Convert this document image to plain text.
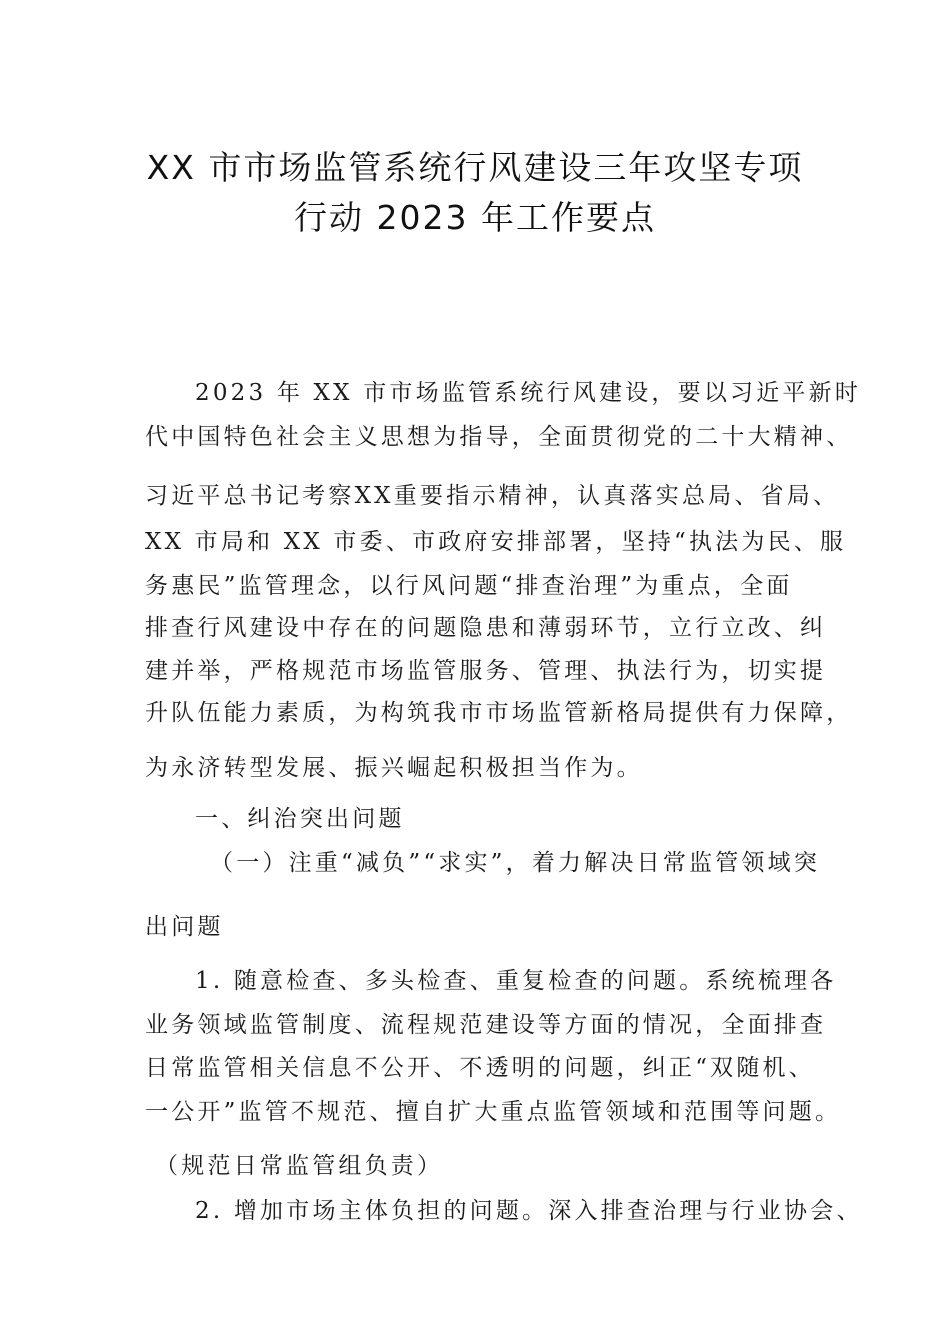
XX 市市场监管系统行风建设三年攻坚专项
行动 2023 年工作要点
2023 年 XX 市市场监管系统行风建设，要以习近平新时
代中国特色社会主义思想为指导，全面贯彻党的二十大精神、
习近平总书记考察XX重要指示精神，认真落实总局、省局、
XX 市局和 XX 市委、市政府安排部署，坚持“执法为民、服
务惠民”监管理念，以行风问题“排查治理”为重点，全面
排查行风建设中存在的问题隐患和薄弱环节，立行立改、纠
建并举，严格规范市场监管服务、管理、执法行为，切实提
升队伍能力素质，为构筑我市市场监管新格局提供有力保障，
为永济转型发展、振兴崛起积极担当作为。
一、纠治突出问题
（一）注重“减负”“求实”，着力解决日常监管领域突
出问题
1. 随意检查、多头检查、重复检查的问题。系统梳理各
业务领域监管制度、流程规范建设等方面的情况，全面排查
日常监管相关信息不公开、不透明的问题，纠正“双随机、
一公开”监管不规范、擅自扩大重点监管领域和范围等问题。
（规范日常监管组负责）
2. 增加市场主体负担的问题。深入排查治理与行业协会、
